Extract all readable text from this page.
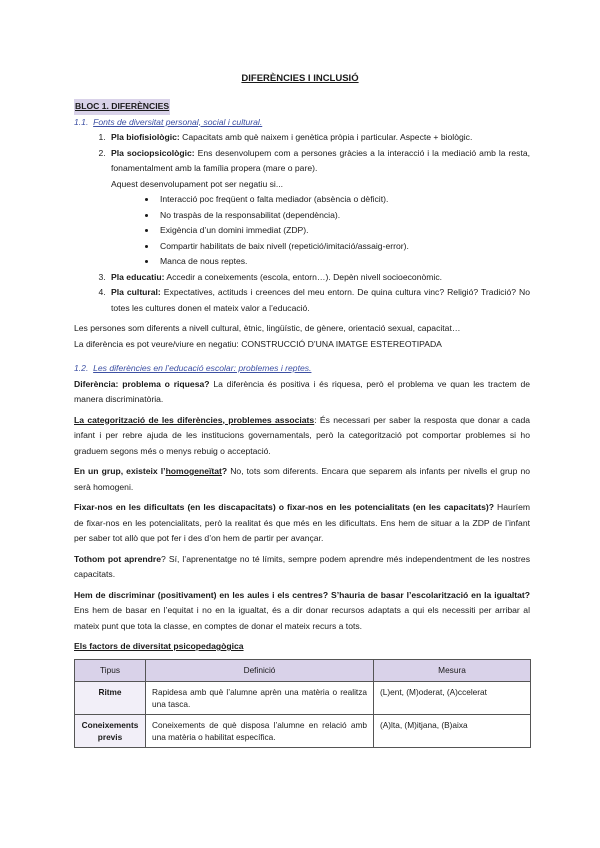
DIFERÈNCIES I INCLUSIÓ
BLOC 1. DIFERÈNCIES
1.1. Fonts de diversitat personal, social i cultural.
1. Pla biofisiològic: Capacitats amb què naixem i genètica pròpia i particular. Aspecte + biològic.
2. Pla sociopsicològic: Ens desenvolupem com a persones gràcies a la interacció i la mediació amb la resta, fonamentalment amb la família propera (mare o pare).
Aquest desenvolupament pot ser negatiu si...
• Interacció poc freqüent o falta mediador (absència o dèficit).
• No traspàs de la responsabilitat (dependència).
• Exigència d’un domini immediat (ZDP).
• Compartir habilitats de baix nivell (repetició/imitació/assaig-error).
• Manca de nous reptes.
3. Pla educatiu: Accedir a coneixements (escola, entorn…). Depèn nivell socioeconòmic.
4. Pla cultural: Expectatives, actituds i creences del meu entorn. De quina cultura vinc? Religió? Tradició? No totes les cultures donen el mateix valor a l’educació.

Les persones som diferents a nivell cultural, ètnic, lingüístic, de gènere, orientació sexual, capacitat…

La diferència es pot veure/viure en negatiu: CONSTRUCCIÓ D’UNA IMATGE ESTEREOTIPADA

1.2. Les diferències en l’educació escolar: problemes i reptes.

Diferència: problema o riquesa? La diferència és positiva i és riquesa, però el problema ve quan les tractem de manera discriminatòria.

La categorització de les diferències, problemes associats: És necessari per saber la resposta que donar a cada infant i per rebre ajuda de les institucions governamentals, però la categorització pot comportar problemes si ho graduem segons més o menys rebuig o acceptació.

En un grup, existeix l’homogeneïtat? No, tots som diferents. Encara que separem als infants per nivells el grup no serà homogeni.

Fixar-nos en les dificultats (en les discapacitats) o fixar-nos en les potencialitats (en les capacitats)? Hauríem de fixar-nos en les potencialitats, però la realitat és que més en les dificultats. Ens hem de situar a la ZDP de l’infant per saber tot allò que pot fer i des d’on hem de partir per avançar.

Tothom pot aprendre? Sí, l’aprenentatge no té límits, sempre podem aprendre més independentment de les nostres capacitats.

Hem de discriminar (positivament) en les aules i els centres? S’hauria de basar l’escolarització en la igualtat? Ens hem de basar en l’equitat i no en la igualtat, és a dir donar recursos adaptats a qui els necessiti per arribar al mateix punt que tota la classe, en comptes de donar el mateix recurs a tots.

Els factors de diversitat psicopedagògica
Tipus	Definició	Mesura
Ritme	Rapidesa amb què l’alumne aprèn una matèria o realitza una tasca.	(L)ent, (M)oderat, (A)ccelerat
Coneixements previs	Coneixements de què disposa l’alumne en relació amb una matèria o habilitat específica.	(A)lta, (M)itjana, (B)aixa
